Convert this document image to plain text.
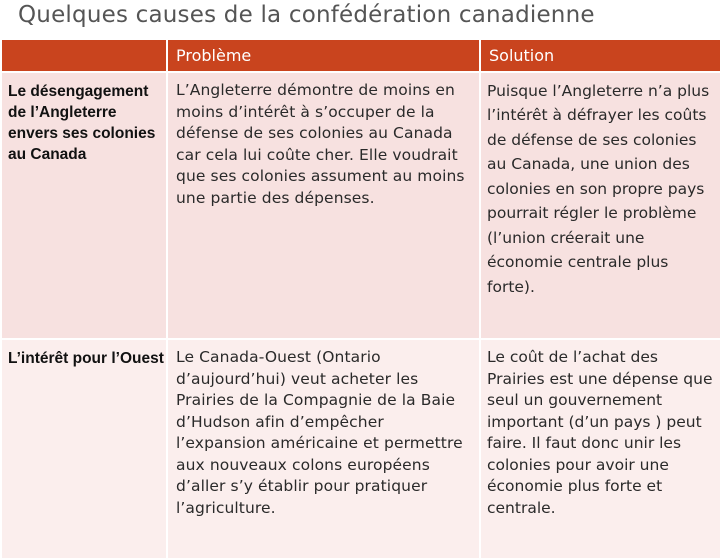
Quelques causes de la confédération canadienne
	Problème	Solution
Le désengagement de l’Angleterre envers ses colonies au Canada	L’Angleterre démontre de moins en moins d’intérêt à s’occuper de la défense de ses colonies au Canada car cela lui coûte cher. Elle voudrait que ses colonies assument au moins une partie des dépenses.	Puisque l’Angleterre n’a plus l’intérêt à défrayer les coûts de défense de ses colonies au Canada, une union des colonies en son propre pays pourrait régler le problème (l’union créerait une économie centrale plus forte).
L’intérêt pour l’Ouest	Le Canada-Ouest (Ontario d’aujourd’hui) veut acheter les Prairies de la Compagnie de la Baie d’Hudson afin d’empêcher l’expansion américaine et permettre aux nouveaux colons européens d’aller s’y établir pour pratiquer l’agriculture.	Le coût de l’achat des Prairies est une dépense que seul un gouvernement important (d’un pays ) peut faire. Il faut donc unir les colonies pour avoir une économie plus forte et centrale.
